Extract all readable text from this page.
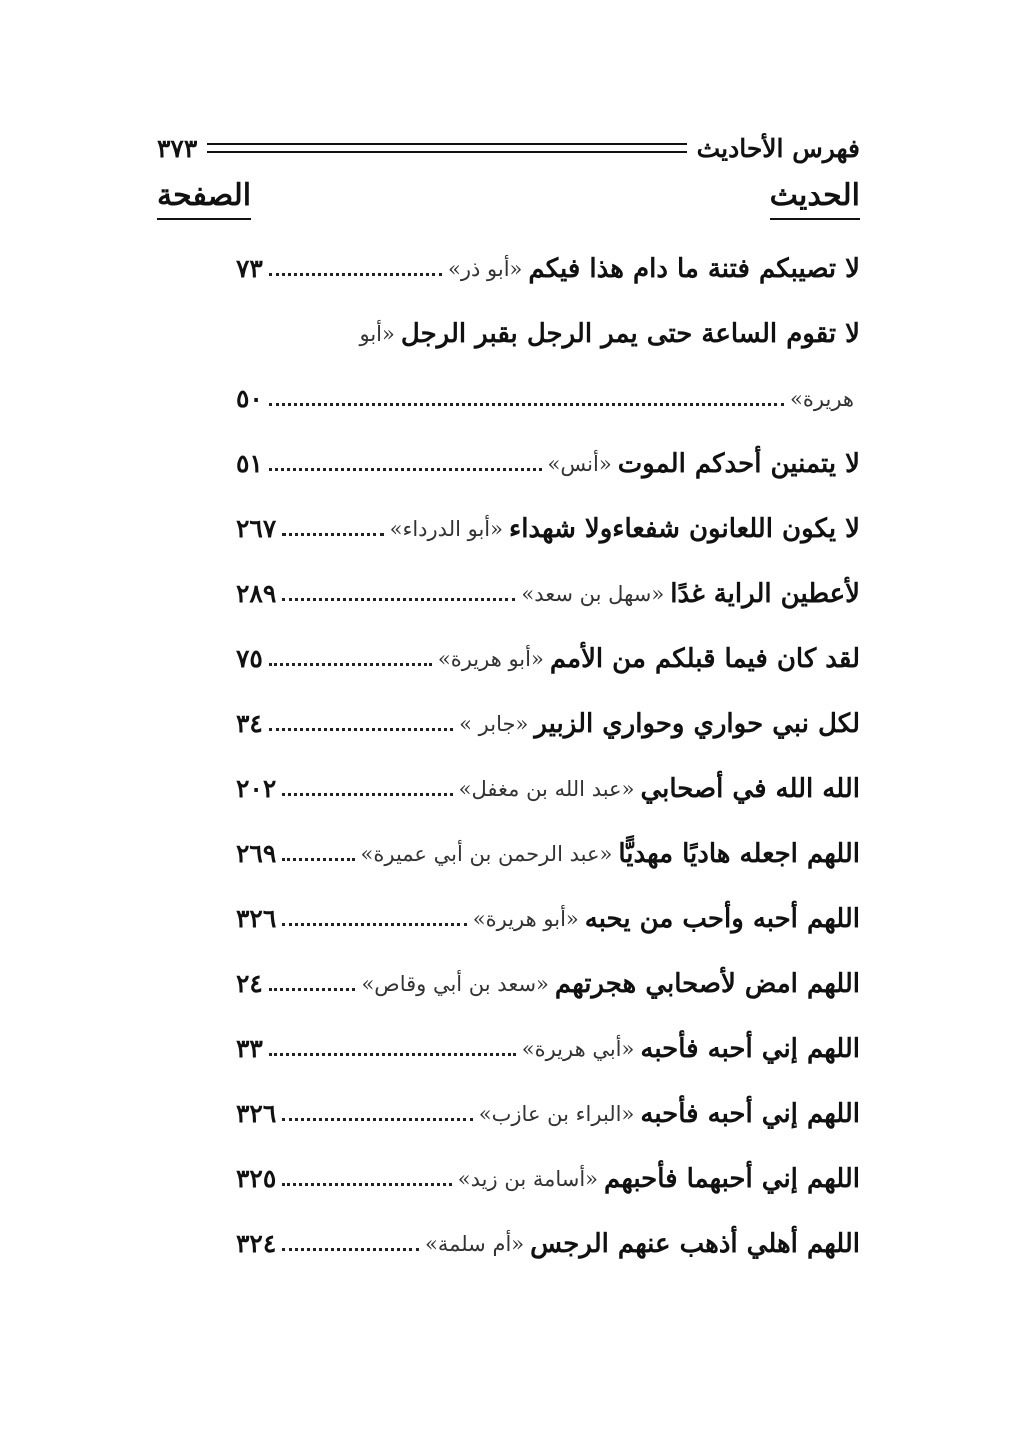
فهرس الأحاديث
٣٧٣
الحديث
الصفحة
لا تصيبكم فتنة ما دام هذا فيكم
«أبو ذر»
٧٣
لا تقوم الساعة حتى يمر الرجل بقبر الرجل
«أبو
هريرة»
٥٠
لا يتمنين أحدكم الموت
«أنس»
٥١
لا يكون اللعانون شفعاءولا شهداء
«أبو الدرداء»
٢٦٧
لأعطين الراية غدًا
«سهل بن سعد»
٢٨٩
لقد كان فيما قبلكم من الأمم
«أبو هريرة»
٧٥
لكل نبي حواري وحواري الزبير
«جابر »
٣٤
الله الله في أصحابي
«عبد الله بن مغفل»
٢٠٢
اللهم اجعله هاديًا مهديًّا
«عبد الرحمن بن أبي عميرة»
٢٦٩
اللهم أحبه وأحب من يحبه
«أبو هريرة»
٣٢٦
اللهم امض لأصحابي هجرتهم
«سعد بن أبي وقاص»
٢٤
اللهم إني أحبه فأحبه
«أبي هريرة»
٣٣
اللهم إني أحبه فأحبه
«البراء بن عازب»
٣٢٦
اللهم إني أحبهما فأحبهم
«أسامة بن زيد»
٣٢٥
اللهم أهلي أذهب عنهم الرجس
«أم سلمة»
٣٢٤
